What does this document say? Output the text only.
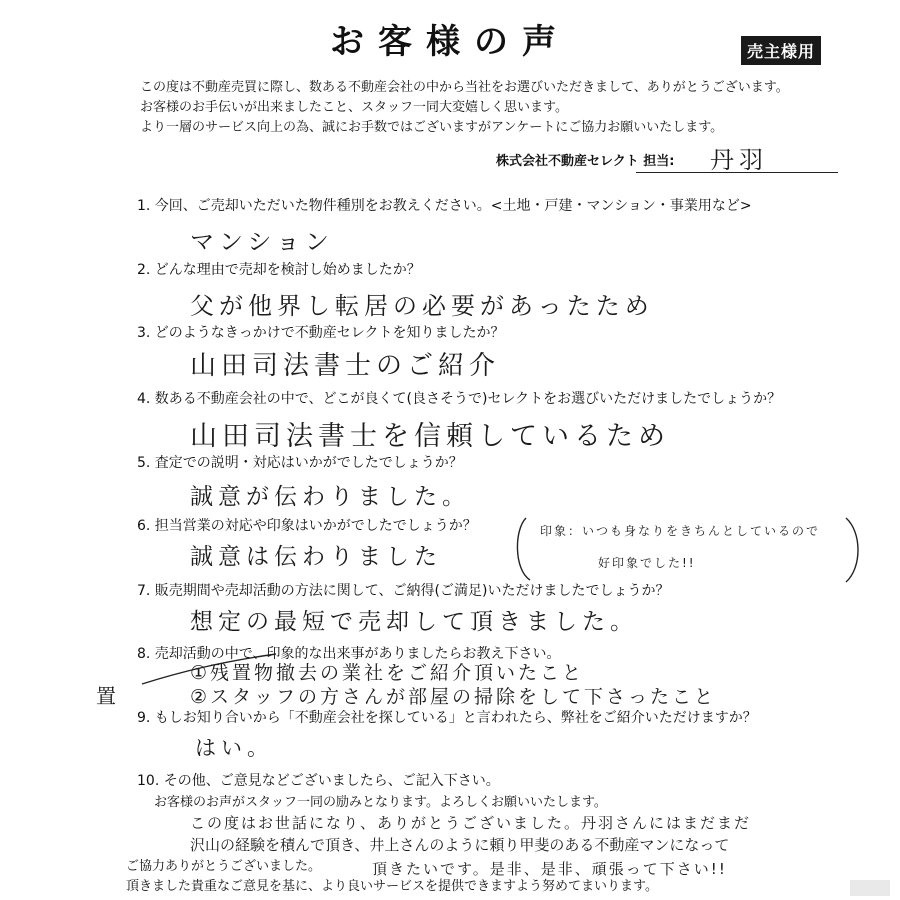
お客様の声	売主様用
この度は不動産売買に際し、数ある不動産会社の中から当社をお選びいただきまして、ありがとうございます。
お客様のお手伝いが出来ましたこと、スタッフ一同大変嬉しく思います。
より一層のサービス向上の為、誠にお手数ではございますがアンケートにご協力お願いいたします。
株式会社不動産セレクト 担当: 丹羽
1. 今回、ご売却いただいた物件種別をお教えください。<土地・戸建・マンション・事業用など>
マンション
2. どんな理由で売却を検討し始めましたか？
父が他界し転居の必要があったため
3. どのようなきっかけで不動産セレクトを知りましたか？
山田司法書士のご紹介
4. 数ある不動産会社の中で、どこが良くて(良さそうで)セレクトをお選びいただけましたでしょうか？
山田司法書士を信頼しているため
5. 査定での説明・対応はいかがでしたでしょうか？
誠意が伝わりました。
6. 担当営業の対応や印象はいかがでしたでしょうか？
誠意は伝わりました
印象：いつも身なりをきちんとしているので
好印象でした!!
7. 販売期間や売却活動の方法に関して、ご納得(ご満足)いただけましたでしょうか？
想定の最短で売却して頂きました。
8. 売却活動の中で、印象的な出来事がありましたらお教え下さい。
置
①残置物撤去の業社をご紹介頂いたこと
②スタッフの方さんが部屋の掃除をして下さったこと
9. もしお知り合いから「不動産会社を探している」と言われたら、弊社をご紹介いただけますか？
はい。
10. その他、ご意見などございましたら、ご記入下さい。
お客様のお声がスタッフ一同の励みとなります。よろしくお願いいたします。
この度はお世話になり、ありがとうございました。丹羽さんにはまだまだ
沢山の経験を積んで頂き、井上さんのように頼り甲斐のある不動産マンになって
頂きたいです。是非、是非、頑張って下さい!!
ご協力ありがとうございました。
頂きました貴重なご意見を基に、より良いサービスを提供できますよう努めてまいります。
